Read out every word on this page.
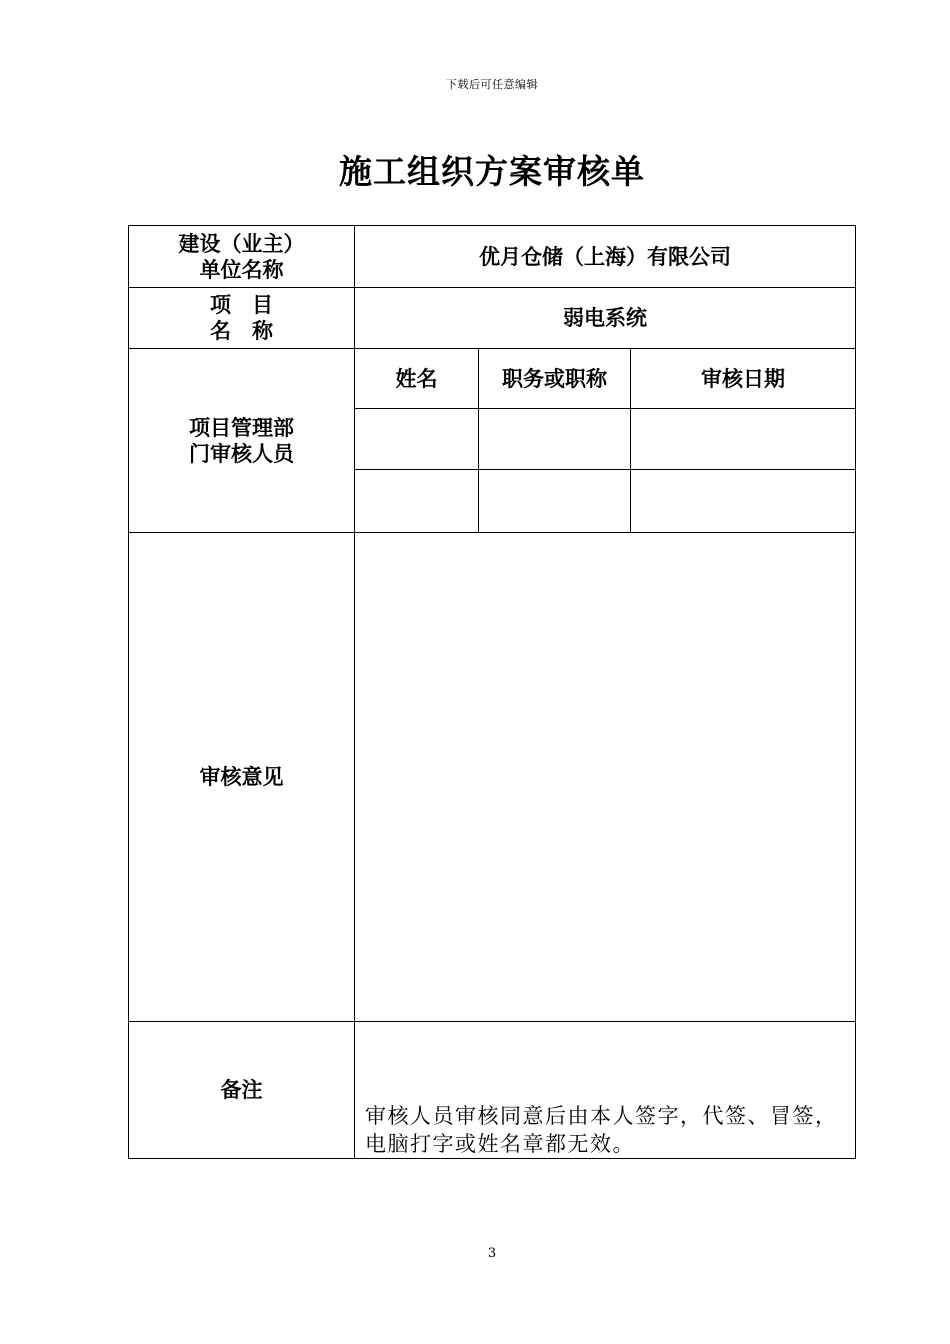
下载后可任意编辑
施工组织方案审核单
建设（业主）
单位名称	优月仓储（上海）有限公司		

项　目
名　称	弱电系统		

项目管理部
门审核人员	姓名	职务或职称	审核日期

审核意见			
备注	审核人员审核同意后由本人签字，代签、冒签，电脑打字或姓名章都无效。		
3
